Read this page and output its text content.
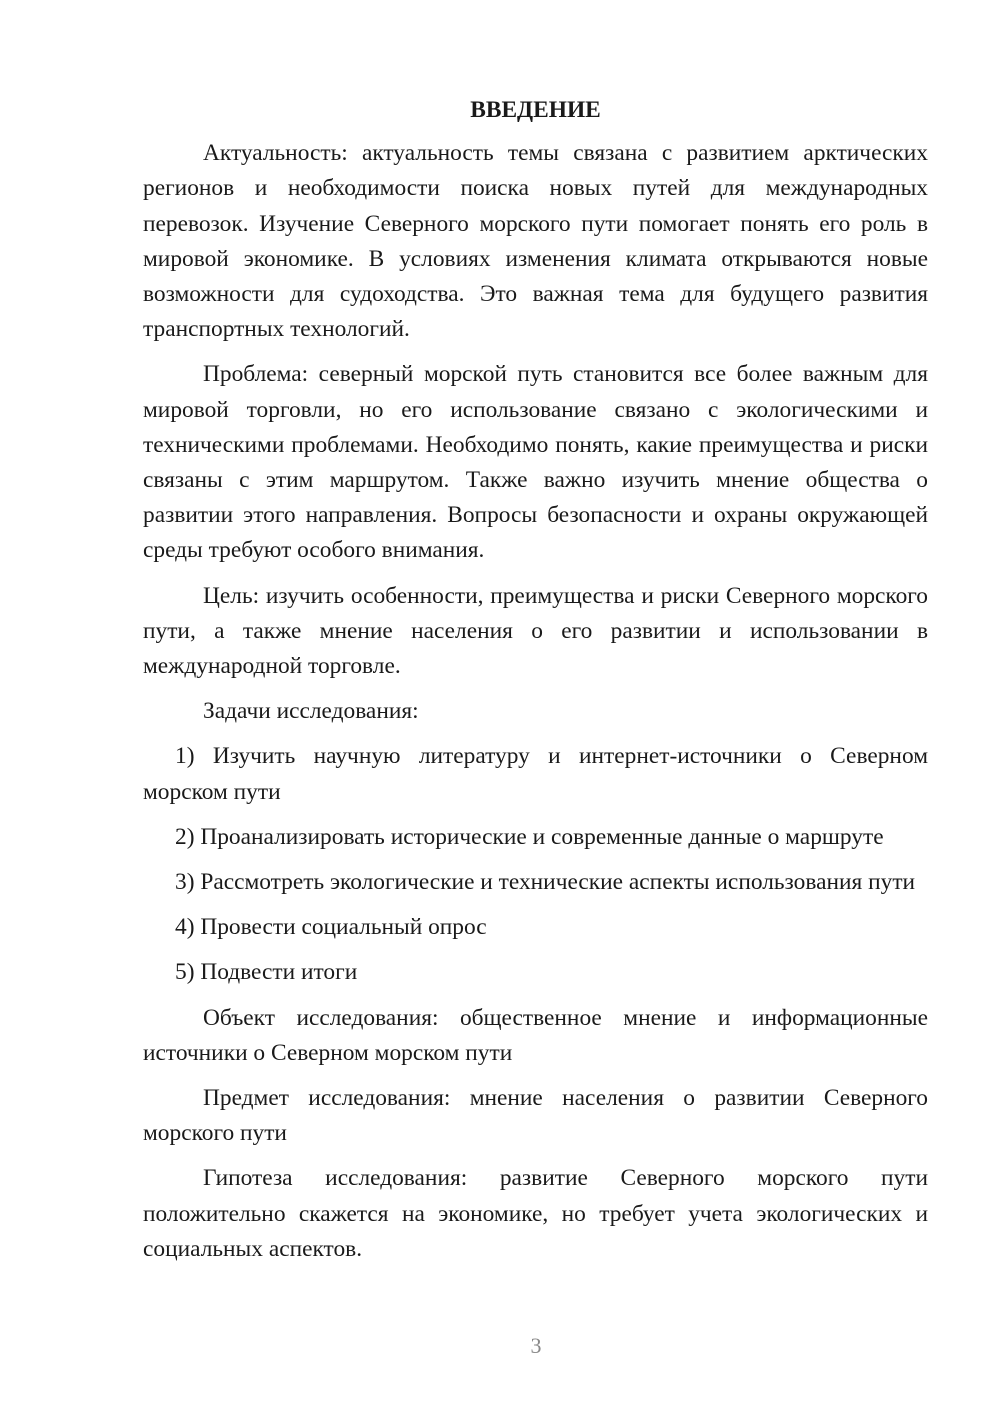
ВВЕДЕНИЕ

Актуальность: актуальность темы связана с развитием арктических регионов и необходимости поиска новых путей для международных перевозок. Изучение Северного морского пути помогает понять его роль в мировой экономике. В условиях изменения климата открываются новые возможности для судоходства. Это важная тема для будущего развития транспортных технологий.

Проблема: северный морской путь становится все более важным для мировой торговли, но его использование связано с экологическими и техническими проблемами. Необходимо понять, какие преимущества и риски связаны с этим маршрутом. Также важно изучить мнение общества о развитии этого направления. Вопросы безопасности и охраны окружающей среды требуют особого внимания.

Цель: изучить особенности, преимущества и риски Северного морского пути, а также мнение населения о его развитии и использовании в международной торговле.

Задачи исследования:

1) Изучить научную литературу и интернет-источники о Северном морском пути

2) Проанализировать исторические и современные данные о маршруте

3) Рассмотреть экологические и технические аспекты использования пути

4) Провести социальный опрос

5) Подвести итоги

Объект исследования: общественное мнение и информационные источники о Северном морском пути

Предмет исследования: мнение населения о развитии Северного морского пути

Гипотеза исследования: развитие Северного морского пути положительно скажется на экономике, но требует учета экологических и социальных аспектов.

3
